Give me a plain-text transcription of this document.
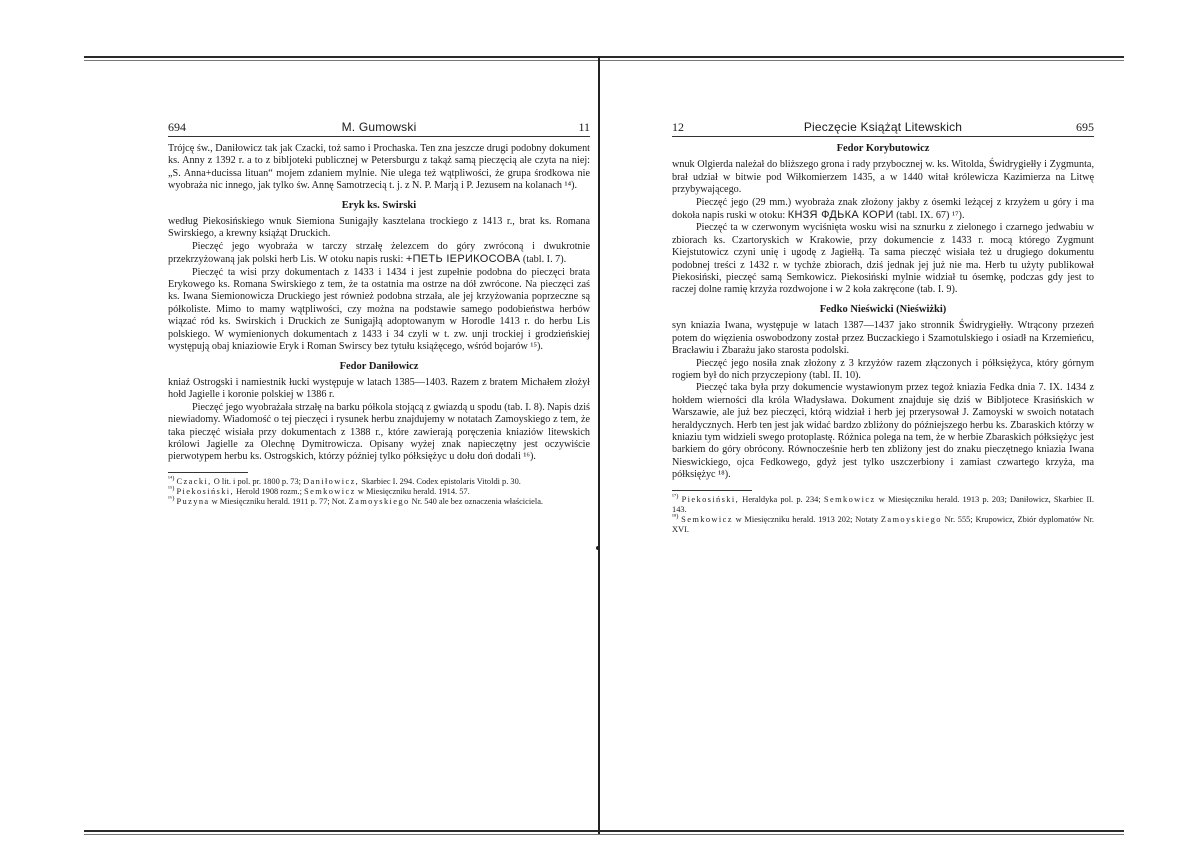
694	M. Gumowski	11

Trójcę św., Daniłowicz tak jak Czacki, toż samo i Prochaska. Ten zna jeszcze drugi podobny dokument ks. Anny z 1392 r. a to z bibljoteki publicznej w Petersburgu z takąż samą pieczęcią ale czyta na niej: „S. Anna+ducissa lituan“ mojem zdaniem mylnie. Nie ulega też wątpliwości, że grupa środkowa nie wyobraża nic innego, jak tylko św. Annę Samotrzecią t. j. z N. P. Marją i P. Jezusem na kolanach ¹⁴).

Eryk ks. Swirski

według Piekosińskiego wnuk Siemiona Sunigajły kasztelana trockiego z 1413 r., brat ks. Romana Swirskiego, a krewny książąt Druckich.

Pieczęć jego wyobraża w tarczy strzałę żelezcem do góry zwróconą i dwukrotnie przekrzyżowaną jak polski herb Lis. W otoku napis ruski: +ПЕТЬ ІЕРИКОСОВА (tabl. I. 7).

Pieczęć ta wisi przy dokumentach z 1433 i 1434 i jest zupełnie podobna do pieczęci brata Erykowego ks. Romana Swirskiego z tem, że ta ostatnia ma ostrze na dół zwrócone. Na pieczęci zaś ks. Iwana Siemionowicza Druckiego jest również podobna strzała, ale jej krzyżowania poprzeczne są półkoliste. Mimo to mamy wątpliwości, czy można na podstawie samego podobieństwa herbów wiązać ród ks. Swirskich i Druckich ze Sunigajłą adoptowanym w Horodle 1413 r. do herbu Lis polskiego. W wymienionych dokumentach z 1433 i 34 czyli w t. zw. unji trockiej i grodzieńskiej występują obaj kniaziowie Eryk i Roman Swirscy bez tytułu książęcego, wśród bojarów ¹⁵).

Fedor Daniłowicz

kniaź Ostrogski i namiestnik łucki występuje w latach 1385—1403. Razem z bratem Michałem złożył hołd Jagielle i koronie polskiej w 1386 r.

Pieczęć jego wyobrażała strzałę na barku półkola stojącą z gwiazdą u spodu (tab. I. 8). Napis dziś niewiadomy. Wiadomość o tej pieczęci i rysunek herbu znajdujemy w notatach Zamoyskiego z tem, że taka pieczęć wisiała przy dokumentach z 1388 r., które zawierają poręczenia kniaziów litewskich królowi Jagielle za Olechnę Dymitrowicza. Opisany wyżej znak napieczętny jest oczywiście pierwotypem herbu ks. Ostrogskich, którzy później tylko półksiężyc u dołu doń dodali ¹⁶).

$^{^{14})}$ Czacki, O lit. i pol. pr. 1800 p. 73; Daniłowicz, Skarbiec I. 294. Codex epistolaris Vitoldi p. 30.

$^{^{15})}$ Piekosiński, Herold 1908 rozm.; Semkowicz w Miesięczniku herald. 1914. 57.

$^{^{16})}$ Puzyna w Miesięczniku herald. 1911 p. 77; Not. Zamoyskiego Nr. 540 ale bez oznaczenia właściciela.

12	Pieczęcie Książąt Litewskich	695
Fedor Korybutowicz

wnuk Olgierda należał do bliższego grona i rady przybocznej w. ks. Witolda, Świdrygiełły i Zygmunta, brał udział w bitwie pod Wiłkomierzem 1435, a w 1440 witał królewicza Kazimierza na Litwę przybywającego.

Pieczęć jego (29 mm.) wyobraża znak złożony jakby z ósemki leżącej z krzyżem u góry i ma dokoła napis ruski w otoku: КНЗЯ ФДЬКА КОРИ (tabl. IX. 67) ¹⁷).

Pieczęć ta w czerwonym wyciśnięta wosku wisi na sznurku z zielonego i czarnego jedwabiu w zbiorach ks. Czartoryskich w Krakowie, przy dokumencie z 1433 r. mocą którego Zygmunt Kiejstutowicz czyni unię i ugodę z Jagiełłą. Ta sama pieczęć wisiała też u drugiego dokumentu podobnej treści z 1432 r. w tychże zbiorach, dziś jednak jej już nie ma. Herb tu użyty publikował Piekosiński, pieczęć samą Semkowicz. Piekosiński mylnie widział tu ósemkę, podczas gdy jest to raczej dolne ramię krzyża rozdwojone i w 2 koła zakręcone (tab. I. 9).

Fedko Nieświcki (Nieświżki)

syn kniazia Iwana, występuje w latach 1387—1437 jako stronnik Świdrygiełły. Wtrącony przezeń potem do więzienia oswobodzony został przez Buczackiego i Szamotulskiego i osiadł na Krzemieńcu, Bracławiu i Zbarażu jako starosta podolski.

Pieczęć jego nosiła znak złożony z 3 krzyżów razem złączonych i półksiężyca, który górnym rogiem był do nich przyczepiony (tabl. II. 10).

Pieczęć taka była przy dokumencie wystawionym przez tegoż kniazia Fedka dnia 7. IX. 1434 z hołdem wierności dla króla Władysława. Dokument znajduje się dziś w Bibljotece Krasińskich w Warszawie, ale już bez pieczęci, którą widział i herb jej przerysował J. Zamoyski w swoich notatach heraldycznych. Herb ten jest jak widać bardzo zbliżony do późniejszego herbu ks. Zbaraskich którzy w kniaziu tym widzieli swego protoplastę. Różnica polega na tem, że w herbie Zbaraskich półksiężyc jest barkiem do góry obrócony. Równocześnie herb ten zbliżony jest do znaku pieczętnego kniazia Iwana Nieswickiego, ojca Fedkowego, gdyż jest tylko uszczerbiony i zamiast czwartego krzyża, ma półksiężyc ¹⁸).

$^{^{17})}$ Piekosiński, Heraldyka pol. p. 234; Semkowicz w Miesięczniku herald. 1913 p. 203; Daniłowicz, Skarbiec II. 143.

$^{^{18})}$ Semkowicz w Miesięczniku herald. 1913 202; Notaty Zamoyskiego Nr. 555; Krupowicz, Zbiór dyplomatów Nr. XVI.
